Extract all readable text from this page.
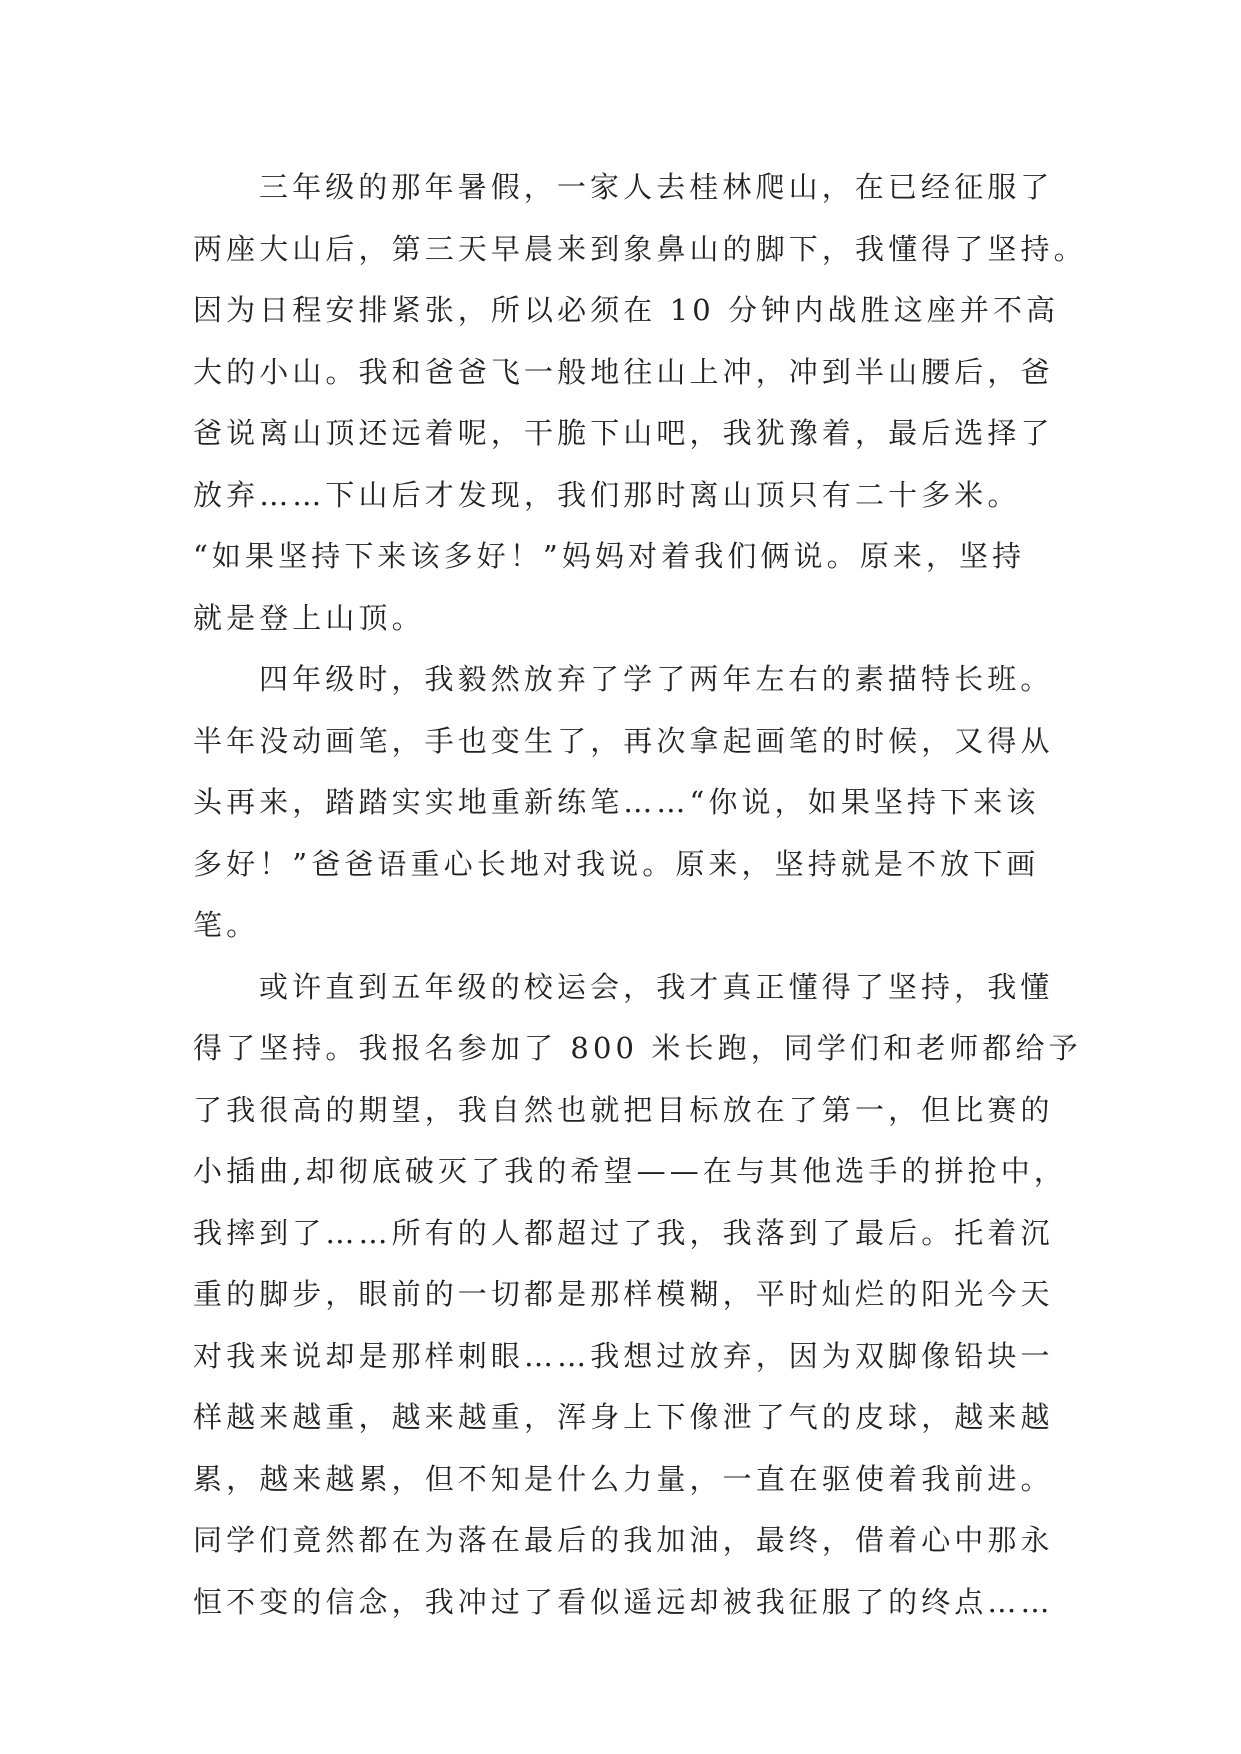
三年级的那年暑假，一家人去桂林爬山，在已经征服了
两座大山后，第三天早晨来到象鼻山的脚下，我懂得了坚持。
因为日程安排紧张，所以必须在 10 分钟内战胜这座并不高
大的小山。我和爸爸飞一般地往山上冲，冲到半山腰后，爸
爸说离山顶还远着呢，干脆下山吧，我犹豫着，最后选择了
放弃……下山后才发现，我们那时离山顶只有二十多米。
“如果坚持下来该多好！”妈妈对着我们俩说。原来，坚持
就是登上山顶。
四年级时，我毅然放弃了学了两年左右的素描特长班。
半年没动画笔，手也变生了，再次拿起画笔的时候，又得从
头再来，踏踏实实地重新练笔……“你说，如果坚持下来该
多好！”爸爸语重心长地对我说。原来，坚持就是不放下画
笔。
或许直到五年级的校运会，我才真正懂得了坚持，我懂
得了坚持。我报名参加了 800 米长跑，同学们和老师都给予
了我很高的期望，我自然也就把目标放在了第一，但比赛的
小插曲,却彻底破灭了我的希望——在与其他选手的拼抢中，
我摔到了……所有的人都超过了我，我落到了最后。托着沉
重的脚步，眼前的一切都是那样模糊，平时灿烂的阳光今天
对我来说却是那样刺眼……我想过放弃，因为双脚像铅块一
样越来越重，越来越重，浑身上下像泄了气的皮球，越来越
累，越来越累，但不知是什么力量，一直在驱使着我前进。
同学们竟然都在为落在最后的我加油，最终，借着心中那永
恒不变的信念，我冲过了看似遥远却被我征服了的终点……
